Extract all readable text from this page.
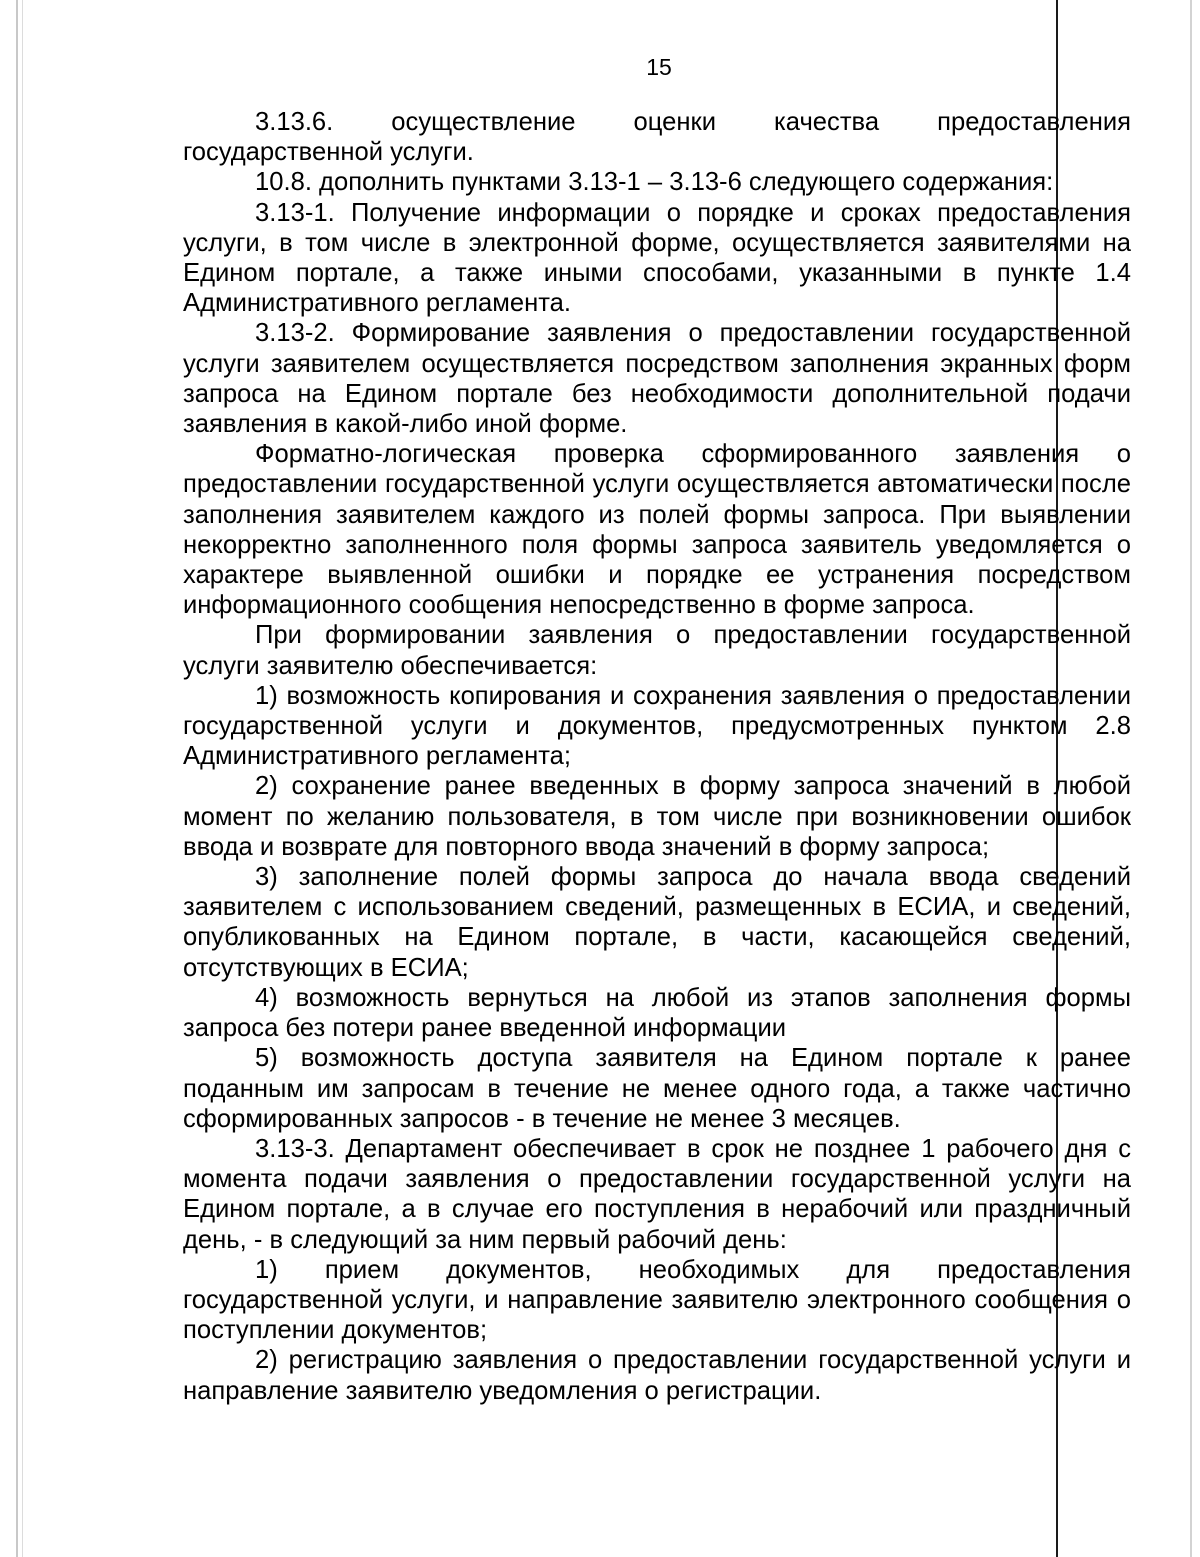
15

3.13.6. осуществление оценки качества предоставления государственной услуги.

10.8. дополнить пунктами 3.13-1 – 3.13-6 следующего содержания:

3.13-1. Получение информации о порядке и сроках предоставления услуги, в том числе в электронной форме, осуществляется заявителями на Едином портале, а также иными способами, указанными в пункте 1.4 Административного регламента.

3.13-2. Формирование заявления о предоставлении государственной услуги заявителем осуществляется посредством заполнения экранных форм запроса на Едином портале без необходимости дополнительной подачи заявления в какой-либо иной форме.

Форматно-логическая проверка сформированного заявления о предоставлении государственной услуги осуществляется автоматически после заполнения заявителем каждого из полей формы запроса. При выявлении некорректно заполненного поля формы запроса заявитель уведомляется о характере выявленной ошибки и порядке ее устранения посредством информационного сообщения непосредственно в форме запроса.

При формировании заявления о предоставлении государственной услуги заявителю обеспечивается:

1) возможность копирования и сохранения заявления о предоставлении государственной услуги и документов, предусмотренных пунктом 2.8 Административного регламента;

2) сохранение ранее введенных в форму запроса значений в любой момент по желанию пользователя, в том числе при возникновении ошибок ввода и возврате для повторного ввода значений в форму запроса;

3) заполнение полей формы запроса до начала ввода сведений заявителем с использованием сведений, размещенных в ЕСИА, и сведений, опубликованных на Едином портале, в части, касающейся сведений, отсутствующих в ЕСИА;

4) возможность вернуться на любой из этапов заполнения формы запроса без потери ранее введенной информации

5) возможность доступа заявителя на Едином портале к ранее поданным им запросам в течение не менее одного года, а также частично сформированных запросов - в течение не менее 3 месяцев.

3.13-3. Департамент обеспечивает в срок не позднее 1 рабочего дня с момента подачи заявления о предоставлении государственной услуги на Едином портале, а в случае его поступления в нерабочий или праздничный день, - в следующий за ним первый рабочий день:

1) прием документов, необходимых для предоставления государственной услуги, и направление заявителю электронного сообщения о поступлении документов;

2) регистрацию заявления о предоставлении государственной услуги и направление заявителю уведомления о регистрации.
